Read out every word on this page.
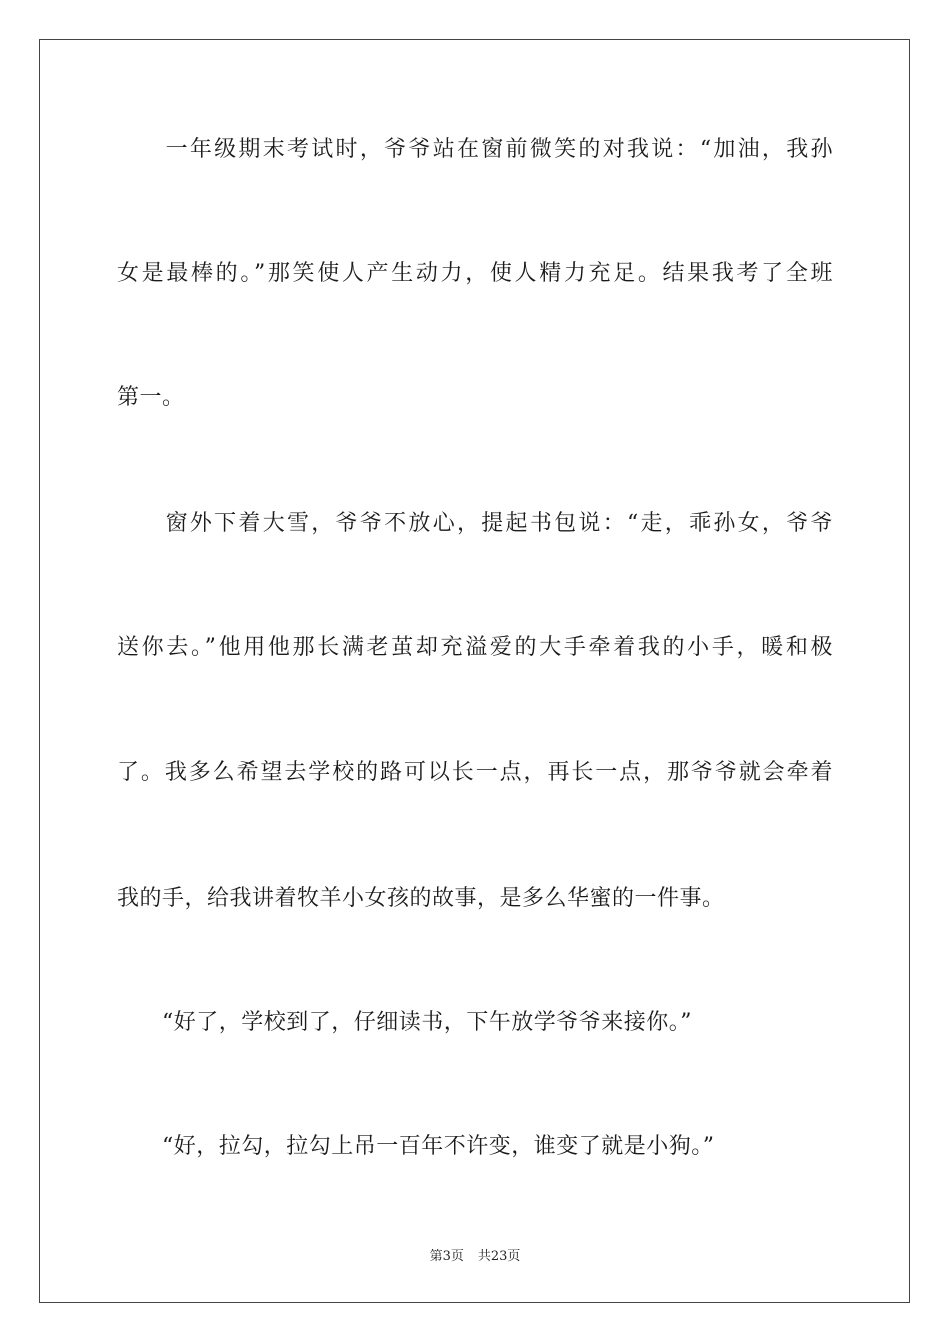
　　一年级期末考试时，爷爷站在窗前微笑的对我说：“加油，我孙
女是最棒的。”那笑使人产生动力，使人精力充足。结果我考了全班
第一。
　　窗外下着大雪，爷爷不放心，提起书包说：“走，乖孙女，爷爷
送你去。”他用他那长满老茧却充溢爱的大手牵着我的小手，暖和极
了。我多么希望去学校的路可以长一点，再长一点，那爷爷就会牵着
我的手，给我讲着牧羊小女孩的故事，是多么华蜜的一件事。
　　“好了，学校到了，仔细读书，下午放学爷爷来接你。”
　　“好，拉勾，拉勾上吊一百年不许变，谁变了就是小狗。”
第3页 共23页
